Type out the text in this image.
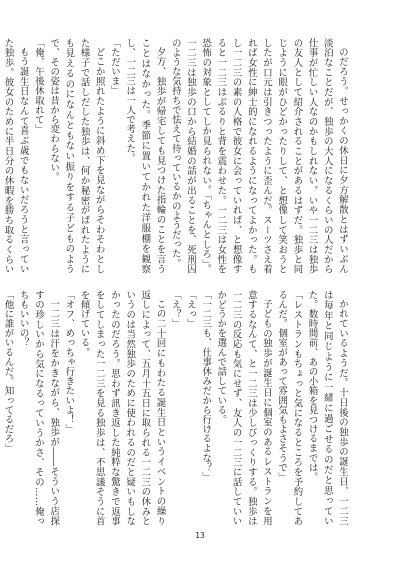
のだろう。せっかくの休日に夕方解散とはずいぶん淡泊なことだが、独歩の大人になるくらいの人だから仕事が忙しい人なのかもしれない。いや一二三は独歩の友人として紹介されることがあるはずだ。独歩と同じように眼がひどかったりして、と想像して笑おうとしたが口元は引きつったように歪んだ。スーツさえ着れば女性に紳士的になれるようになってよかった。もし一二三の素の人格で彼女に会っていれば、と想像すると一二三はぶるりと背を震わせた。一二三は女性を恐怖の対象としてしか見られない。「ちゃんとしろ」。一二三は独歩の口から結婚の話が出ることを、死刑囚のような気持ちで怯えて待っているかのようだった。

夕方、独歩が帰宅しても見つけた指輪のことを言うことはなかった。季節に置いてかれた洋服棚を観察し、一二三は一人で考えた。

「ただいま」

どこか照れたように斜め下を見ながらそわそわとした様子で話しだした独歩は、何か秘密がばれたようにも見えるのになんともない振りをする子どものようで、その姿は昔から変わらない。

「俺、午後休取れて」

もう誕生日なんて喜ぶ歳でもないだろうと言っていた独歩。彼女のために半日分の休暇を勝ち取るくらい

かれているようだ。十日後の独歩の誕生日、一二三は毎年と同じように一緒に過ごせるのだと思っていた。数時間前、あの小箱を見つけるまでは。

「レストランもちょっと気になるところを予約してあるんだ。個室があって雰囲気もよさそうで」

子どもの独歩が誕生日に個室のあるレストランを用意するなんて、と一二三は少しびっくりする。独歩は一二三の反応も気にせず、友人の一二三に話していいかどうかを選んで話している。

「一二三も、仕事休みだから行けるよな？」

「えっ」

「え？」

この二十回にもわたる誕生日というイベントの繰り返しによって、五月十五日に取られる一二三の休みというのは当然独歩のために使われるのだと疑いもしなかったのだろう。思わず訊き返した純粋な驚きで返事をしてしまった一二三を見る独歩は、不思議そうに首を傾げている。

「オフ、めっちゃ行きたいよ！」

一二三は汗をかきながら、独歩が――そういう店探すの珍しいから気になるっていうかさ、その……俺っちもいいの？

「他に誰がいるんだ。知ってるだろ」

13
